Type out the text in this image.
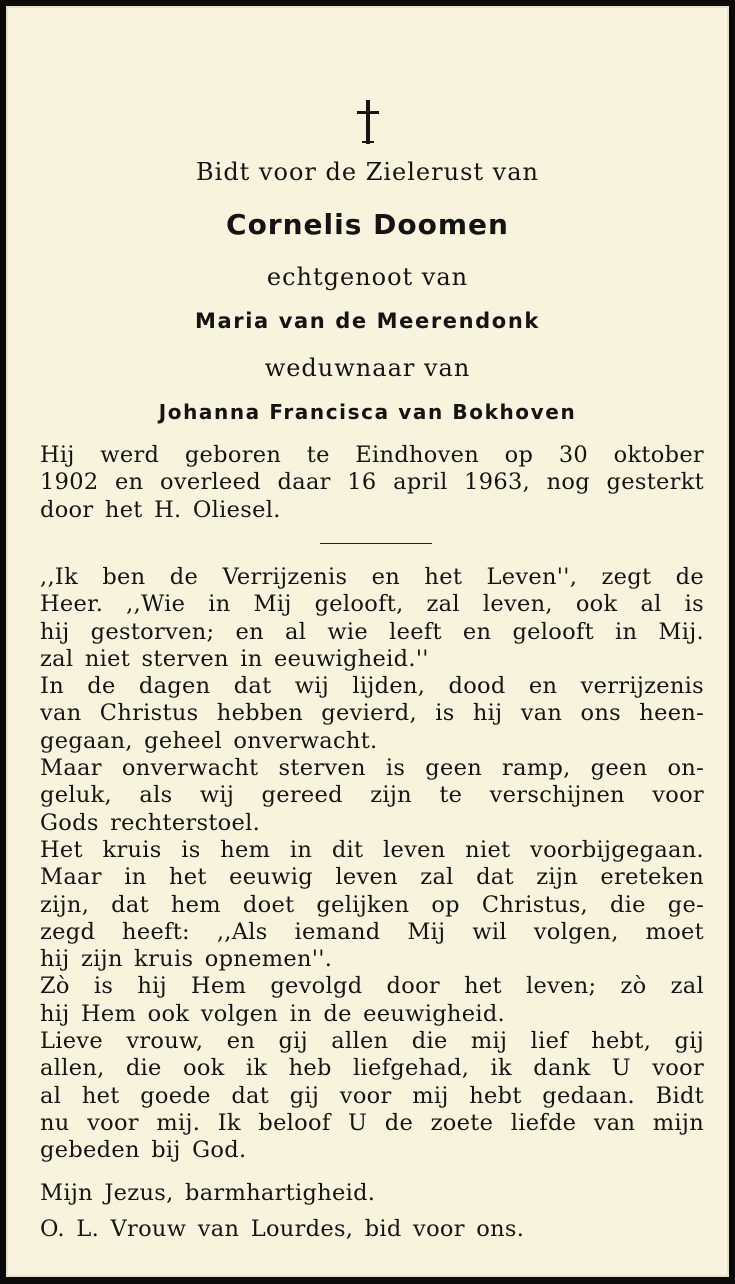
Bidt voor de Zielerust van
Cornelis Doomen
echtgenoot van
Maria van de Meerendonk
weduwnaar van
Johanna Francisca van Bokhoven
Hij werd geboren te Eindhoven op 30 oktober
1902 en overleed daar 16 april 1963, nog gesterkt
door het H. Oliesel.
,,Ik ben de Verrijzenis en het Leven'', zegt de
Heer. ,,Wie in Mij gelooft, zal leven, ook al is
hij gestorven; en al wie leeft en gelooft in Mij.
zal niet sterven in eeuwigheid.''
In de dagen dat wij lijden, dood en verrijzenis
van Christus hebben gevierd, is hij van ons heen-
gegaan, geheel onverwacht.
Maar onverwacht sterven is geen ramp, geen on-
geluk, als wij gereed zijn te verschijnen voor
Gods rechterstoel.
Het kruis is hem in dit leven niet voorbijgegaan.
Maar in het eeuwig leven zal dat zijn ereteken
zijn, dat hem doet gelijken op Christus, die ge-
zegd heeft: ,,Als iemand Mij wil volgen, moet
hij zijn kruis opnemen''.
Zò is hij Hem gevolgd door het leven; zò zal
hij Hem ook volgen in de eeuwigheid.
Lieve vrouw, en gij allen die mij lief hebt, gij
allen, die ook ik heb liefgehad, ik dank U voor
al het goede dat gij voor mij hebt gedaan. Bidt
nu voor mij. Ik beloof U de zoete liefde van mijn
gebeden bij God.
Mijn Jezus, barmhartigheid.
O. L. Vrouw van Lourdes, bid voor ons.
